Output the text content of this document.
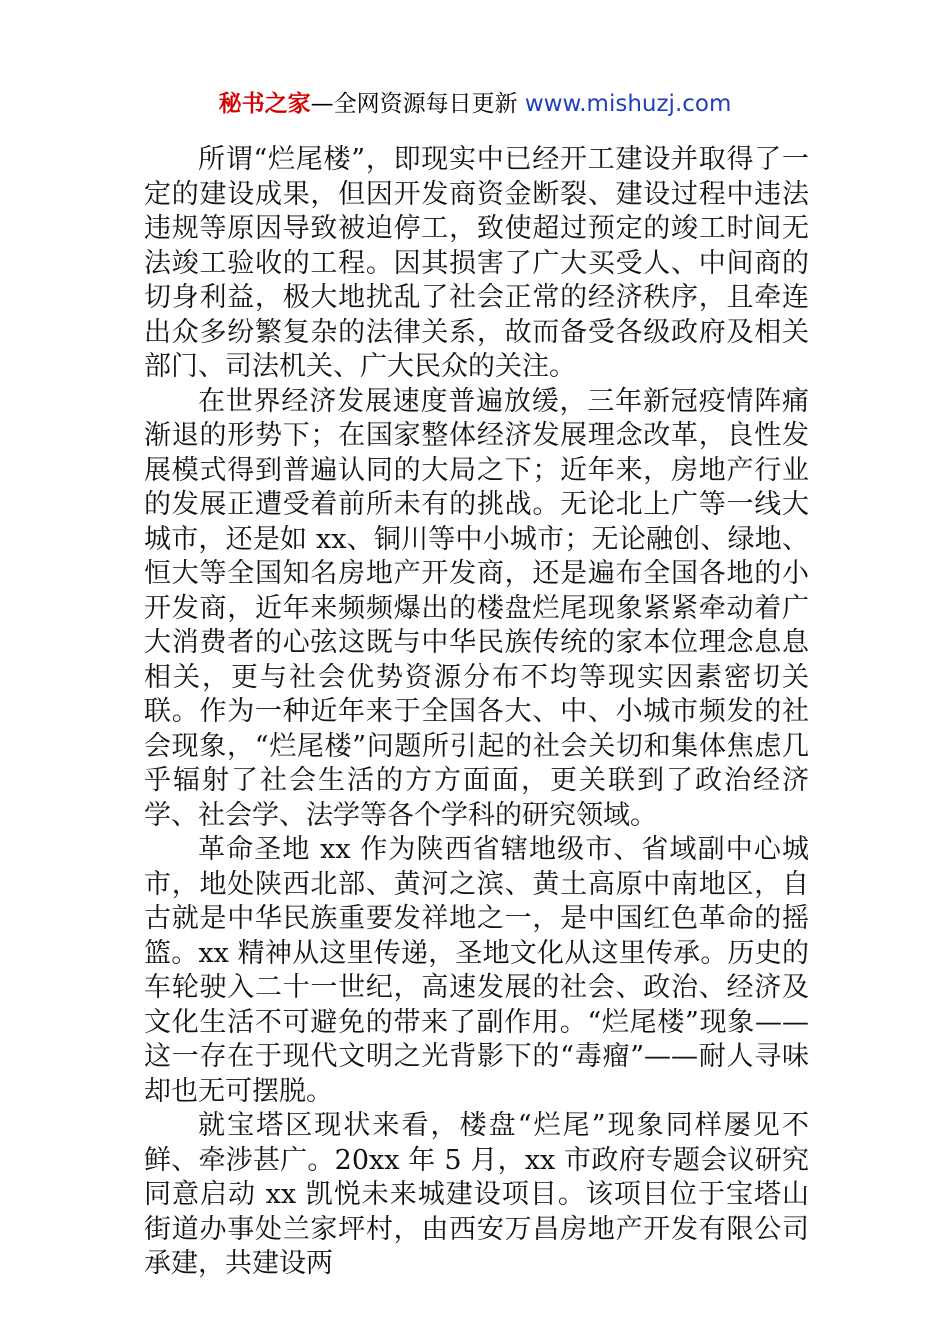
秘书之家—全网资源每日更新 www.mishuzj.com

所谓“烂尾楼”，即现实中已经开工建设并取得了一定的建设成果，但因开发商资金断裂、建设过程中违法违规等原因导致被迫停工，致使超过预定的竣工时间无法竣工验收的工程。因其损害了广大买受人、中间商的切身利益，极大地扰乱了社会正常的经济秩序，且牵连出众多纷繁复杂的法律关系，故而备受各级政府及相关部门、司法机关、广大民众的关注。

在世界经济发展速度普遍放缓，三年新冠疫情阵痛渐退的形势下；在国家整体经济发展理念改革，良性发展模式得到普遍认同的大局之下；近年来，房地产行业的发展正遭受着前所未有的挑战。无论北上广等一线大城市，还是如 xx、铜川等中小城市；无论融创、绿地、恒大等全国知名房地产开发商，还是遍布全国各地的小开发商，近年来频频爆出的楼盘烂尾现象紧紧牵动着广大消费者的心弦这既与中华民族传统的家本位理念息息相关，更与社会优势资源分布不均等现实因素密切关联。作为一种近年来于全国各大、中、小城市频发的社会现象，“烂尾楼”问题所引起的社会关切和集体焦虑几乎辐射了社会生活的方方面面，更关联到了政治经济学、社会学、法学等各个学科的研究领域。

革命圣地 xx 作为陕西省辖地级市、省域副中心城市，地处陕西北部、黄河之滨、黄土高原中南地区，自古就是中华民族重要发祥地之一，是中国红色革命的摇篮。xx 精神从这里传递，圣地文化从这里传承。历史的车轮驶入二十一世纪，高速发展的社会、政治、经济及文化生活不可避免的带来了副作用。“烂尾楼”现象——这一存在于现代文明之光背影下的“毒瘤”——耐人寻味却也无可摆脱。

就宝塔区现状来看，楼盘“烂尾”现象同样屡见不鲜、牵涉甚广。20xx 年 5 月，xx 市政府专题会议研究同意启动 xx 凯悦未来城建设项目。该项目位于宝塔山街道办事处兰家坪村，由西安万昌房地产开发有限公司承建，共建设两
